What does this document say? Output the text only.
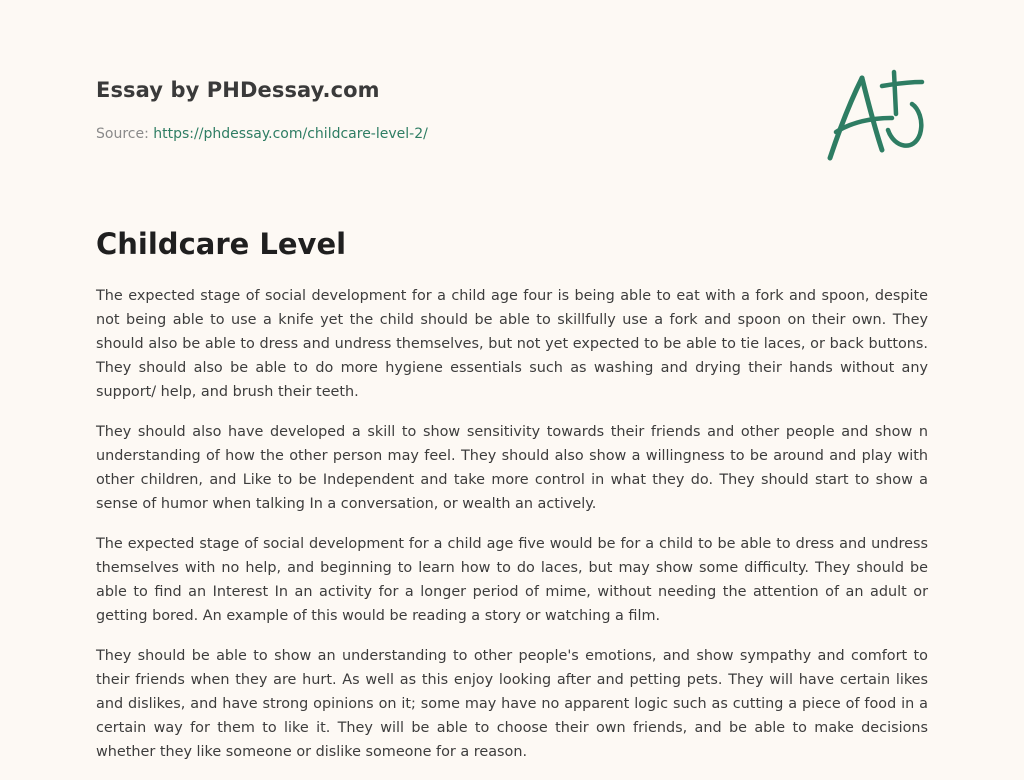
Essay by PHDessay.com
Source: https://phdessay.com/childcare-level-2/
Childcare Level

The expected stage of social development for a child age four is being able to eat with a fork and spoon, despite not being able to use a knife yet the child should be able to skillfully use a fork and spoon on their own. They should also be able to dress and undress themselves, but not yet expected to be able to tie laces, or back buttons. They should also be able to do more hygiene essentials such as washing and drying their hands without any support/ help, and brush their teeth.

They should also have developed a skill to show sensitivity towards their friends and other people and show n understanding of how the other person may feel. They should also show a willingness to be around and play with other children, and Like to be Independent and take more control in what they do. They should start to show a sense of humor when talking In a conversation, or wealth an actively.

The expected stage of social development for a child age five would be for a child to be able to dress and undress themselves with no help, and beginning to learn how to do laces, but may show some difficulty. They should be able to find an Interest In an activity for a longer period of mime, without needing the attention of an adult or getting bored. An example of this would be reading a story or watching a film.

They should be able to show an understanding to other people's emotions, and show sympathy and comfort to their friends when they are hurt. As well as this enjoy looking after and petting pets. They will have certain likes and dislikes, and have strong opinions on it; some may have no apparent logic such as cutting a piece of food in a certain way for them to like it. They will be able to choose their own friends, and be able to make decisions whether they like someone or dislike someone for a reason.
